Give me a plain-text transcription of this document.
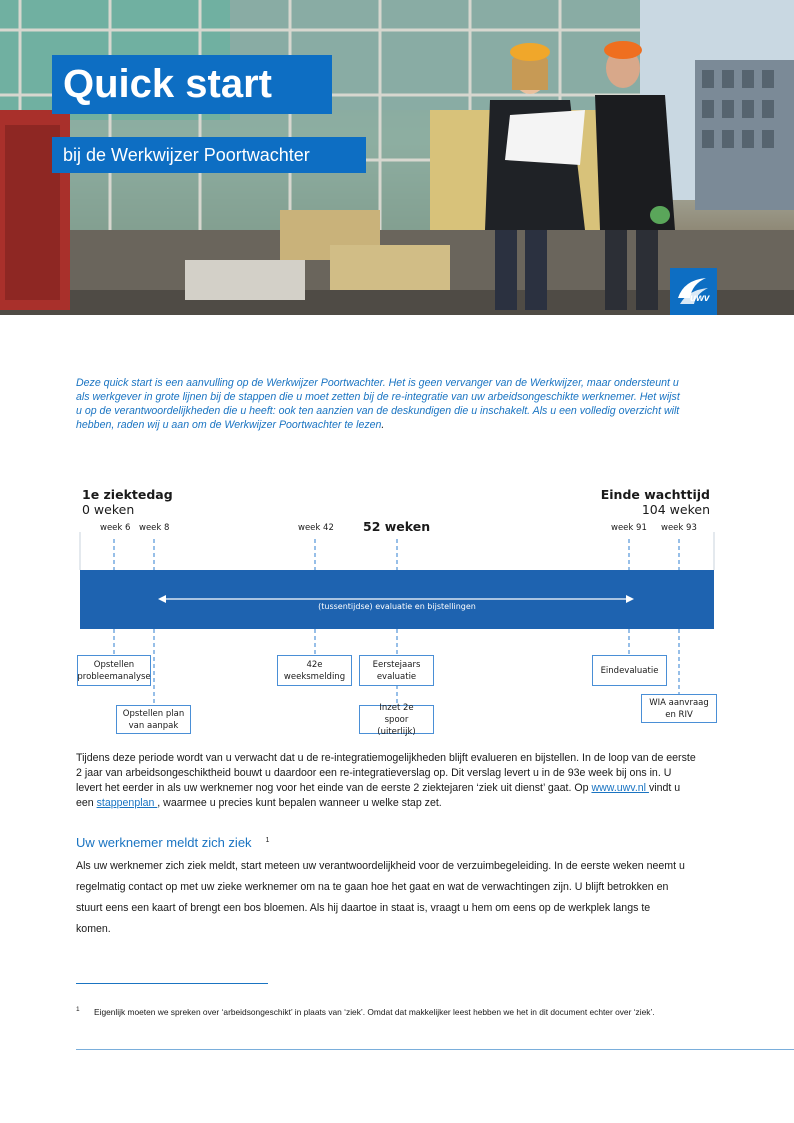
Quick start
bij de Werkwijzer Poortwachter
uwv
Deze quick start is een aanvulling op de Werkwijzer Poortwachter. Het is geen vervanger van de Werkwijzer, maar ondersteunt u als werkgever in grote lijnen bij de stappen die u moet zetten bij de re-integratie van uw arbeidsongeschikte werknemer. Het wijst u op de verantwoordelijkheden die u heeft: ook ten aanzien van de deskundigen die u inschakelt. Als u een volledig overzicht wilt hebben, raden wij u aan om de Werkwijzer Poortwachter te lezen.
1e ziektedag
0 weken
Einde wachttijd
104 weken
52 weken
week 6 week 8	week 42	week 91 week 93
(tussentijdse) evaluatie en bijstellingen
Opstellen probleemanalyse
Opstellen plan van aanpak
42e weeksmelding
Eerstejaars evaluatie
Inzet 2e spoor (uiterlijk)
Eindevaluatie
WIA aanvraag en RIV
Tijdens deze periode wordt van u verwacht dat u de re-integratiemogelijkheden blijft evalueren en bijstellen. In de loop van de eerste 2 jaar van arbeidsongeschiktheid bouwt u daardoor een re-integratieverslag op. Dit verslag levert u in de 93e week bij ons in. U levert het eerder in als uw werknemer nog voor het einde van de eerste 2 ziektejaren ‘ziek uit dienst’ gaat. Op www.uwv.nl vindt u een stappenplan , waarmee u precies kunt bepalen wanneer u welke stap zet.
Uw werknemer meldt zich ziek $^1$
Als uw werknemer zich ziek meldt, start meteen uw verantwoordelijkheid voor de verzuimbegeleiding. In de eerste weken neemt u regelmatig contact op met uw zieke werknemer om na te gaan hoe het gaat en wat de verwachtingen zijn. U blijft betrokken en stuurt eens een kaart of brengt een bos bloemen. Als hij daartoe in staat is, vraagt u hem om eens op de werkplek langs te komen.
1 Eigenlijk moeten we spreken over ‘arbeidsongeschikt’ in plaats van ‘ziek’. Omdat dat makkelijker leest hebben we het in dit document echter over ‘ziek’.
